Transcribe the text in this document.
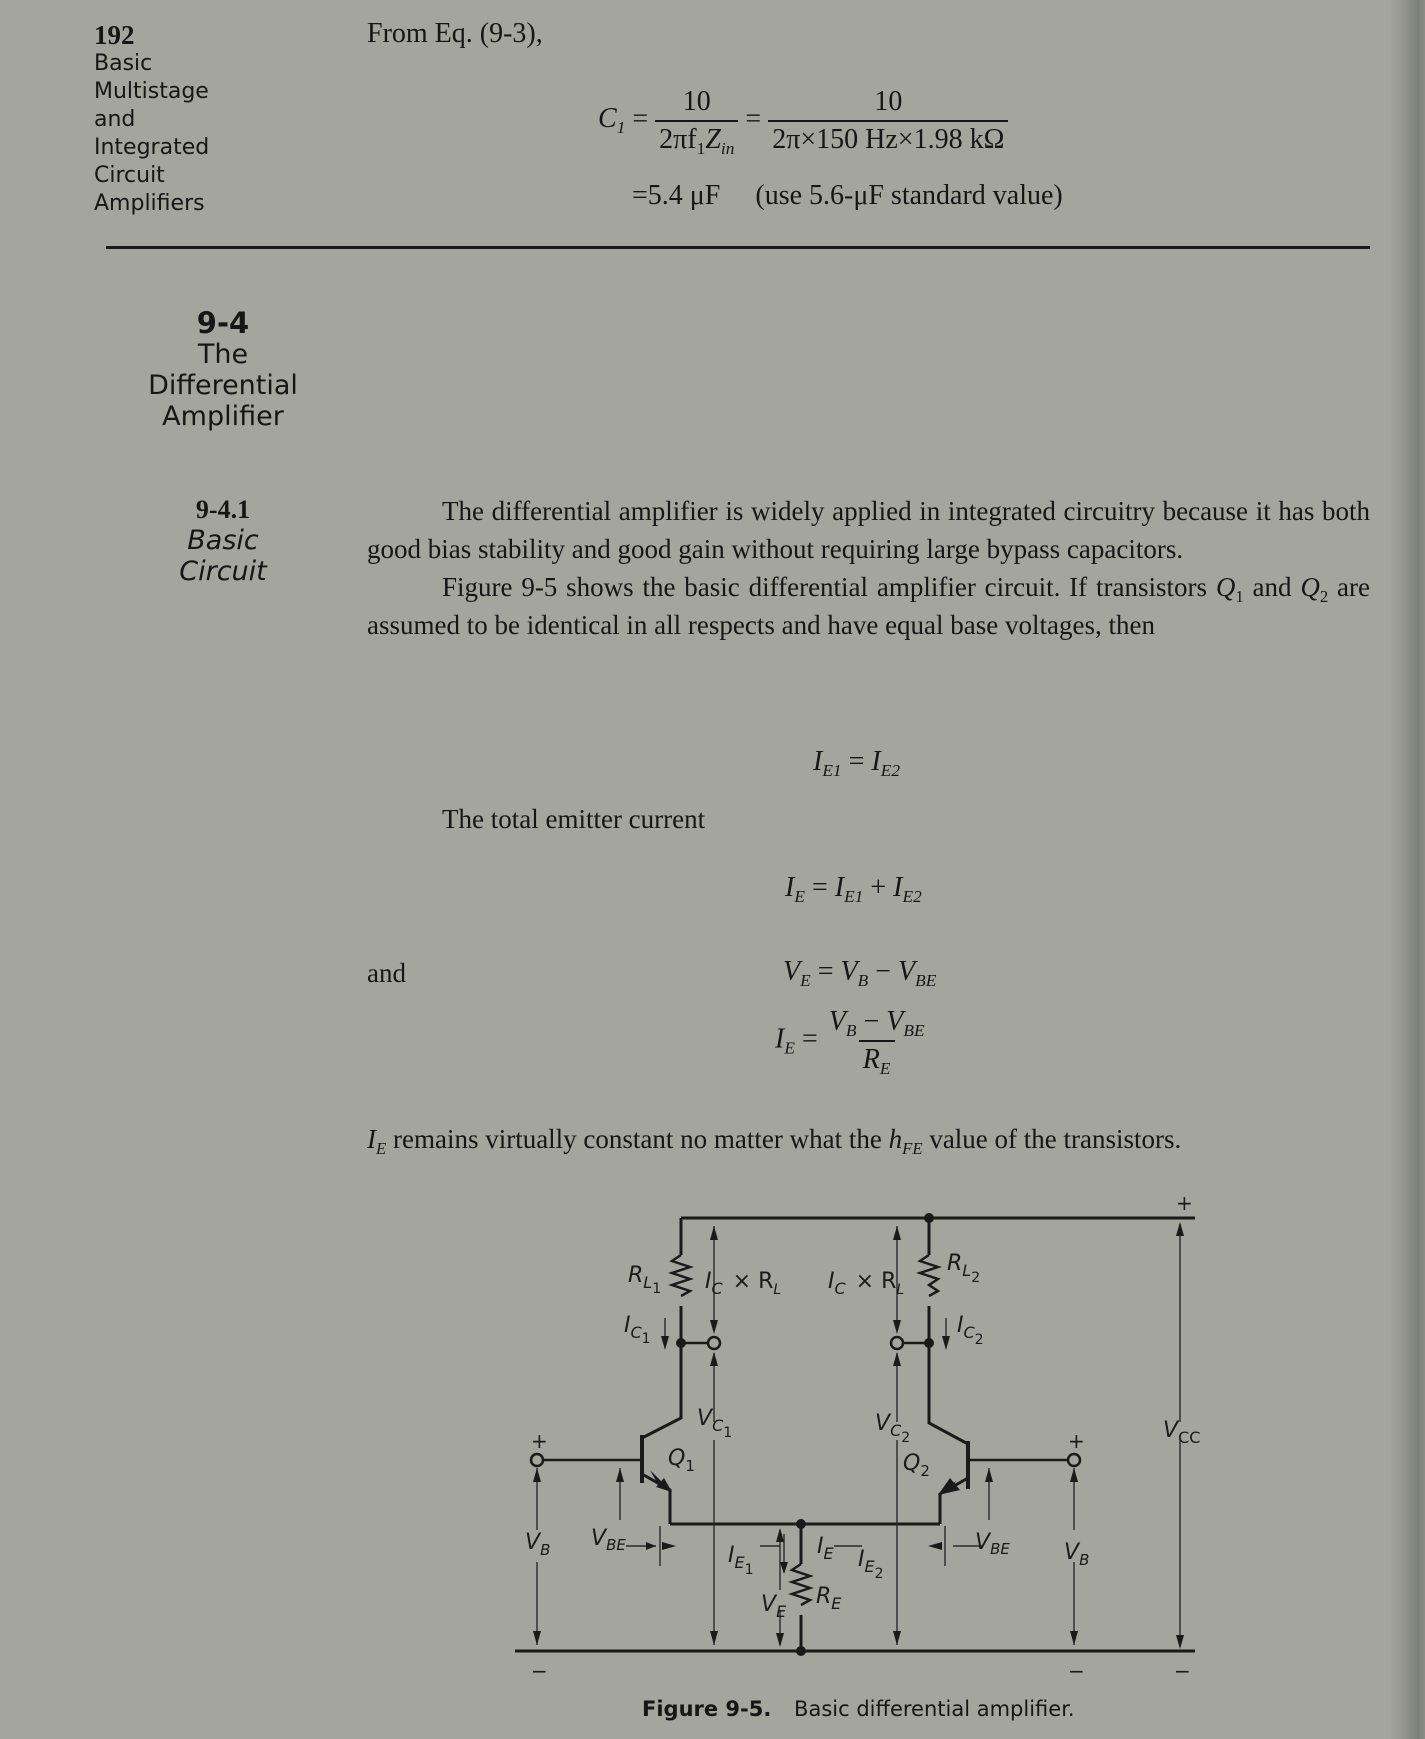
192
Basic
Multistage
and
Integrated
Circuit
Amplifiers
From Eq. (9-3),
$C_1 = \frac{10}{2\pi f_1Z_{in}} = \frac{10}{2\pi\times 150 Hz\times 1.98 k\Omega}$
=5.4 μF (use 5.6-μF standard value)
9-4
The
Differential
Amplifier
9-4.1
Basic
Circuit

The differential amplifier is widely applied in integrated circuitry because it has both good bias stability and good gain without requiring large bypass capacitors.

Figure 9-5 shows the basic differential amplifier circuit. If transistors $Q_1$ and $Q_2$ are assumed to be identical in all respects and have equal base voltages, then

$I_{E1} = I_{E2}$
The total emitter current
$I_E = I_{E1} + I_{E2}$
and	$V_E = V_B - V_{BE}$
$I_E = \frac{V_B - V_{BE}}{R_E}$
$I_E$ remains virtually constant no matter what the $h_{FE}$ value of the transistors.
$R_{L1}$
$R_{L2}$
$I_C \times R_L$ $I_C \times R_L$
$I_{C1}$
$I_{C2}$
$V_{C1}$	$V_{C2}$
$Q_1$	$Q_2$
$V_B$	$V_B$
$V_{BE}$	$V_{BE}$
$I_{E1}$	$I_{E2}$
$I_E$
$V_E$
$R_E$
$V_{CC}$
+
+	+
−	−	−
Figure 9-5. Basic differential amplifier.
